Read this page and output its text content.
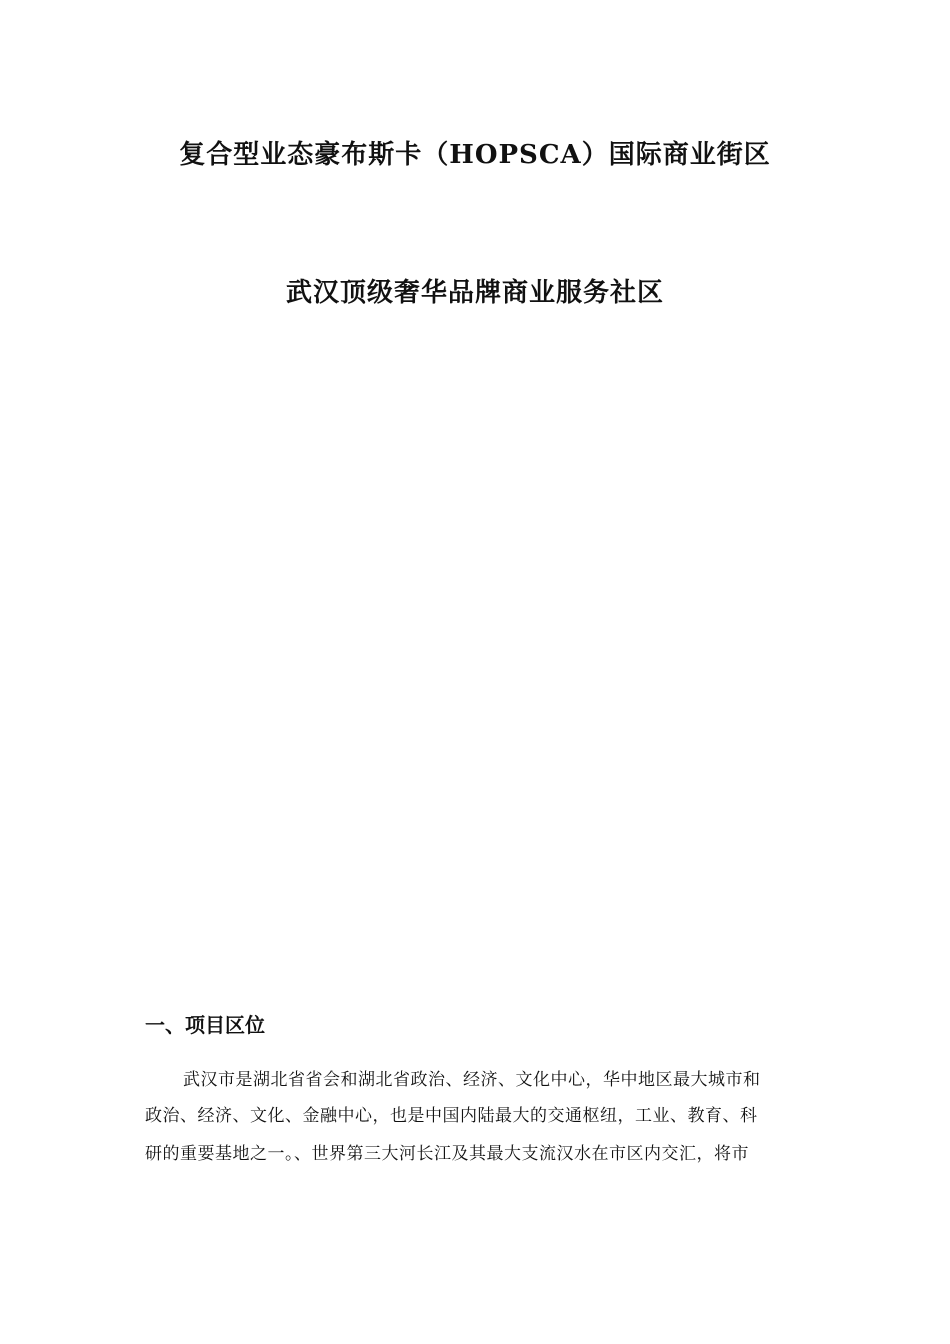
复合型业态豪布斯卡（HOPSCA）国际商业街区
武汉顶级奢华品牌商业服务社区
一、项目区位
武汉市是湖北省省会和湖北省政治、经济、文化中心，华中地区最大城市和
政治、经济、文化、金融中心，也是中国内陆最大的交通枢纽，工业、教育、科
研的重要基地之一。、世界第三大河长江及其最大支流汉水在市区内交汇，将市
